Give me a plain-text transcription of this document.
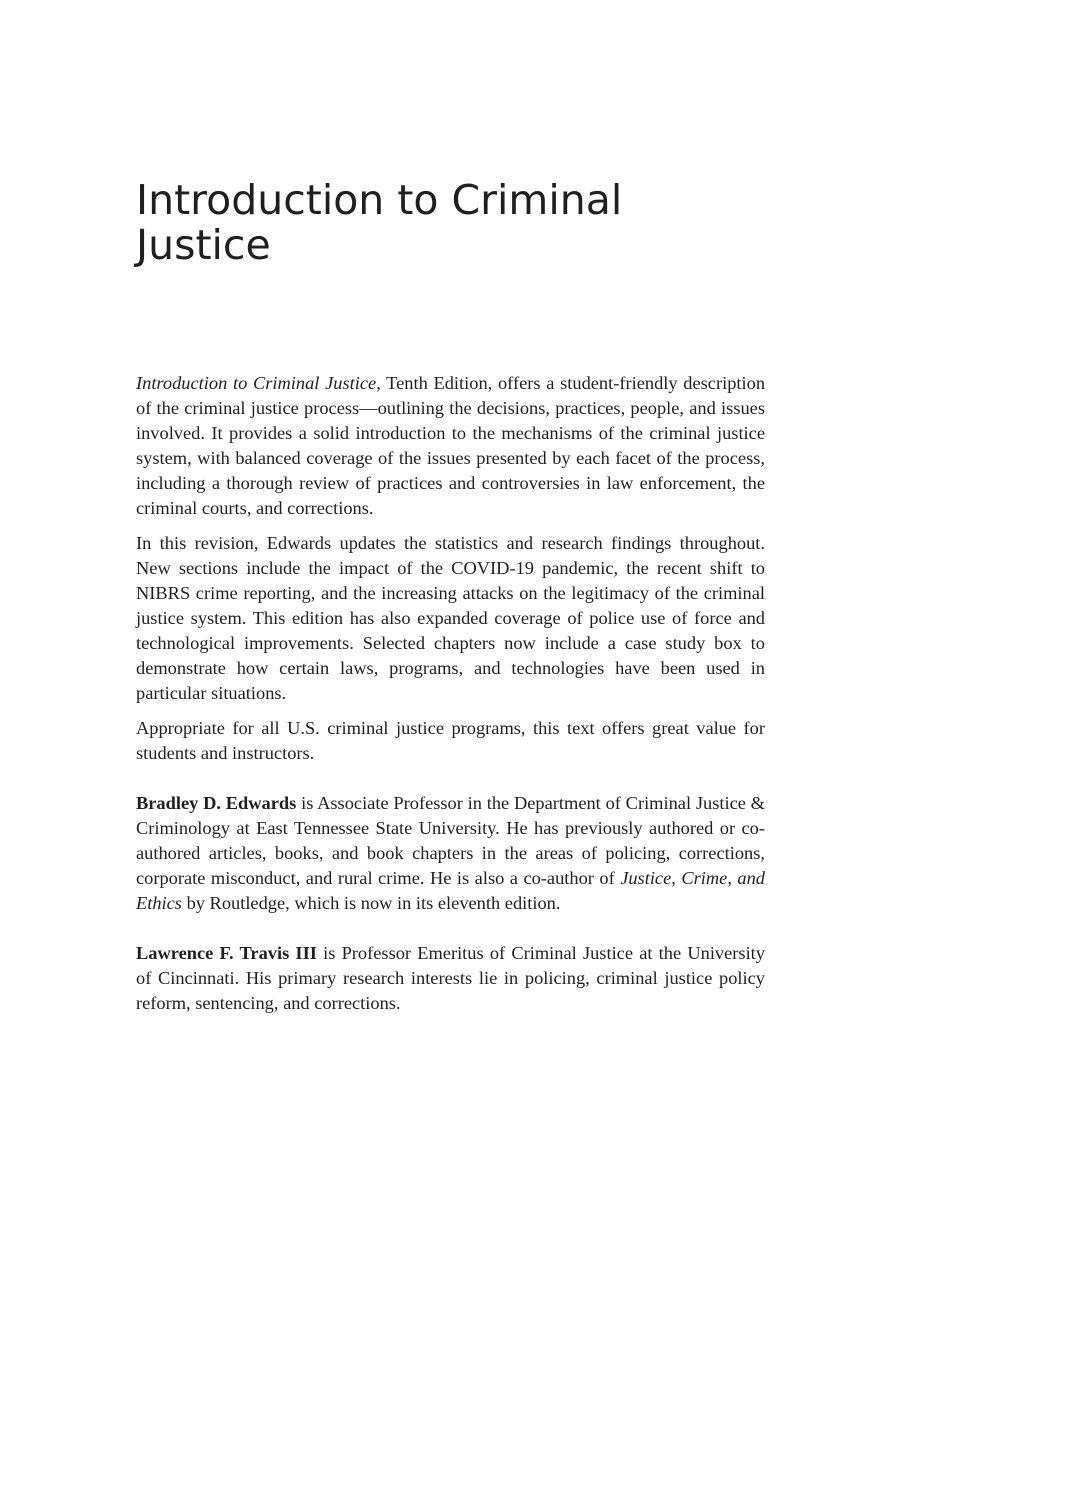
Introduction to Criminal
Justice

Introduction to Criminal Justice, Tenth Edition, offers a student-friendly description of the criminal justice process—outlining the decisions, practices, people, and issues involved. It provides a solid introduction to the mechanisms of the criminal justice system, with balanced coverage of the issues presented by each facet of the process, including a thorough review of practices and controversies in law enforcement, the criminal courts, and corrections.

In this revision, Edwards updates the statistics and research findings throughout. New sections include the impact of the COVID-19 pandemic, the recent shift to NIBRS crime reporting, and the increasing attacks on the legitimacy of the criminal justice system. This edition has also expanded coverage of police use of force and technological improvements. Selected chapters now include a case study box to demonstrate how certain laws, programs, and technologies have been used in particular situations.

Appropriate for all U.S. criminal justice programs, this text offers great value for students and instructors.

Bradley D. Edwards is Associate Professor in the Department of Criminal Justice & Criminology at East Tennessee State University. He has previously authored or co-authored articles, books, and book chapters in the areas of policing, corrections, corporate misconduct, and rural crime. He is also a co-author of Justice, Crime, and Ethics by Routledge, which is now in its eleventh edition.

Lawrence F. Travis III is Professor Emeritus of Criminal Justice at the University of Cincinnati. His primary research interests lie in policing, criminal justice policy reform, sentencing, and corrections.
